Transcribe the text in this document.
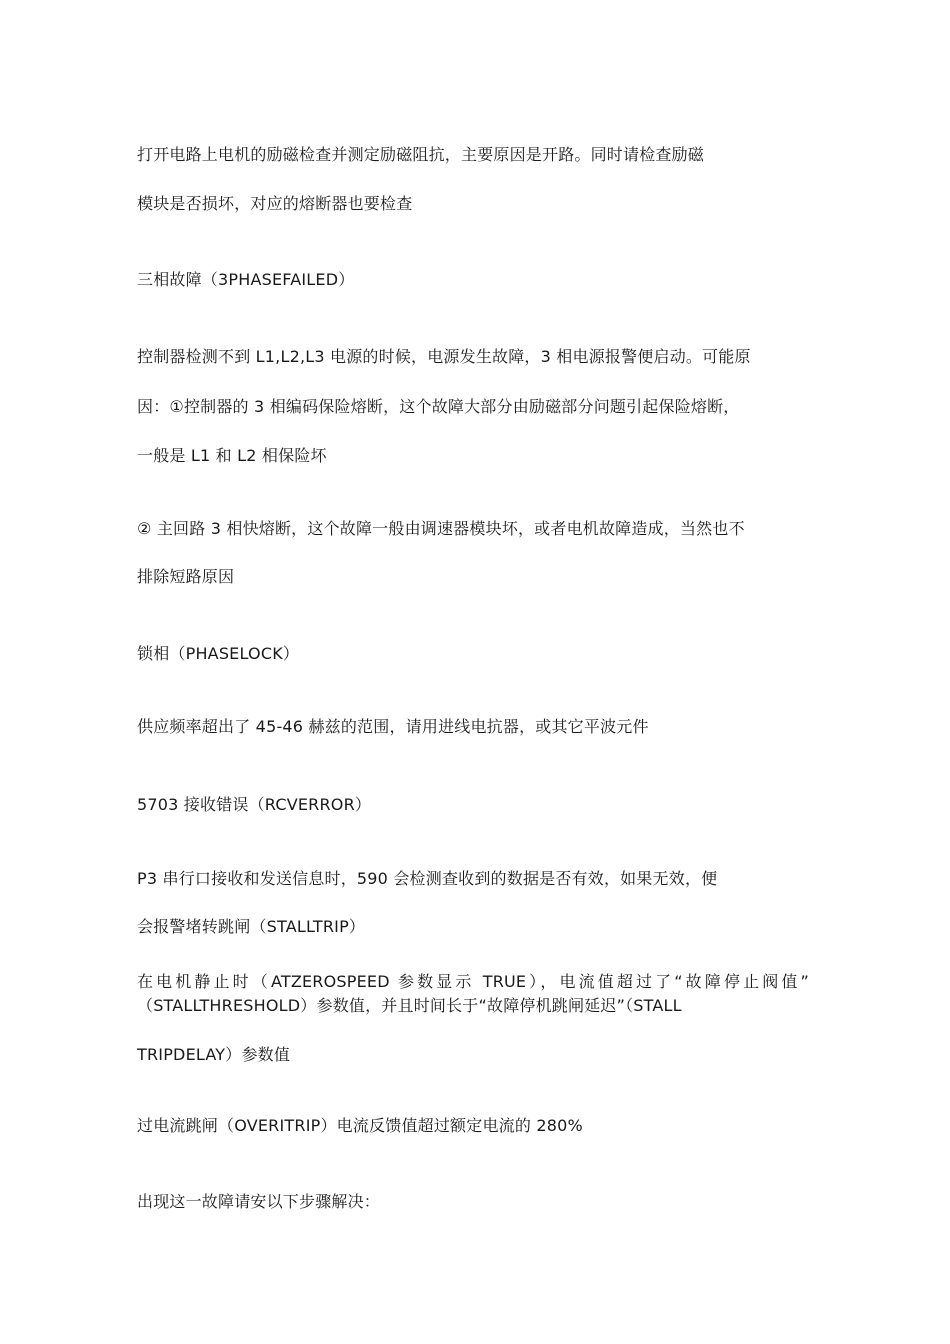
打开电路上电机的励磁检查并测定励磁阻抗，主要原因是开路。同时请检查励磁
模块是否损坏，对应的熔断器也要检查
三相故障（3PHASEFAILED）
控制器检测不到 L1,L2,L3 电源的时候，电源发生故障，3 相电源报警便启动。可能原
因：①控制器的 3 相编码保险熔断，这个故障大部分由励磁部分问题引起保险熔断，
一般是 L1 和 L2 相保险坏
② 主回路 3 相快熔断，这个故障一般由调速器模块坏，或者电机故障造成，当然也不
排除短路原因
锁相（PHASELOCK）
供应频率超出了 45-46 赫兹的范围，请用进线电抗器，或其它平波元件
5703 接收错误（RCVERROR）
P3 串行口接收和发送信息时，590 会检测查收到的数据是否有效，如果无效，便
会报警堵转跳闸（STALLTRIP）
在电机静止时（ATZEROSPEED 参数显示 TRUE），电流值超过了“故障停止阀值”
（STALLTHRESHOLD）参数值，并且时间长于“故障停机跳闸延迟”（STALL
TRIPDELAY）参数值
过电流跳闸（OVERITRIP）电流反馈值超过额定电流的 280%
出现这一故障请安以下步骤解决：
